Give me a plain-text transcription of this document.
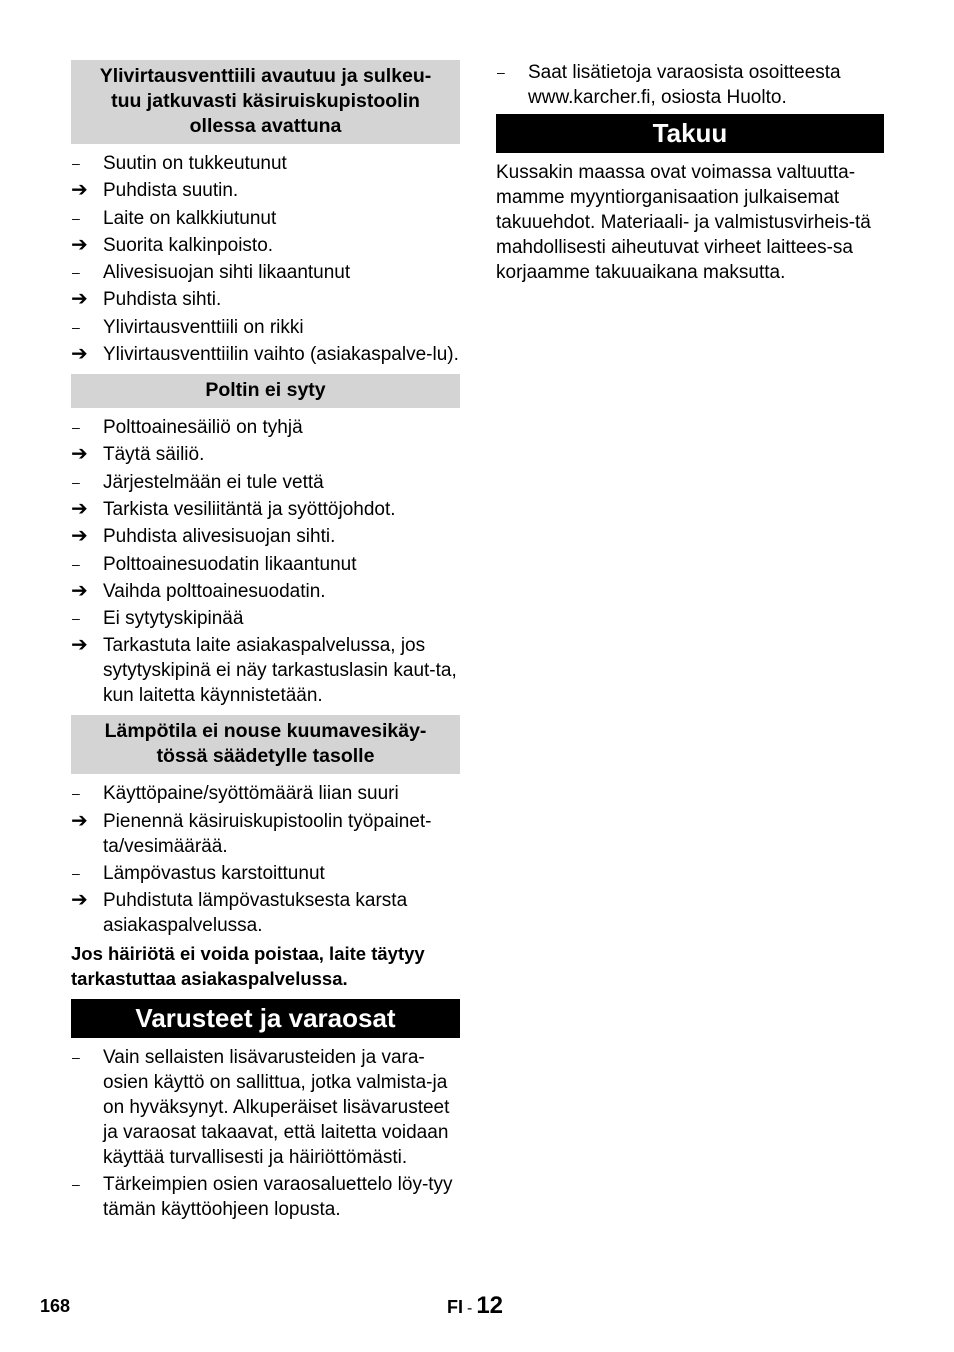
Ylivirtausventtiili avautuu ja sulkeu-
tuu jatkuvasti käsiruiskupistoolin
ollessa avattuna
–	Suutin on tukkeutunut
➔ Puhdista suutin.
–	Laite on kalkkiutunut
➔ Suorita kalkinpoisto.
–	Alivesisuojan sihti likaantunut
➔ Puhdista sihti.
–	Ylivirtausventtiili on rikki
➔ Ylivirtausventtiilin vaihto (asiakaspalve-lu).
Poltin ei syty
–	Polttoainesäiliö on tyhjä
➔ Täytä säiliö.
–	Järjestelmään ei tule vettä
➔ Tarkista vesiliitäntä ja syöttöjohdot.
➔ Puhdista alivesisuojan sihti.
–	Polttoainesuodatin likaantunut
➔ Vaihda polttoainesuodatin.
–	Ei sytytyskipinää
➔ Tarkastuta laite asiakaspalvelussa, jos sytytyskipinä ei näy tarkastuslasin kaut-ta, kun laitetta käynnistetään.
Lämpötila ei nouse kuumavesikäy-
tössä säädetylle tasolle
–	Käyttöpaine/syöttömäärä liian suuri
➔ Pienennä käsiruiskupistoolin työpainet-ta/vesimäärää.
–	Lämpövastus karstoittunut
➔ Puhdistuta lämpövastuksesta karsta asiakaspalvelussa.

Jos häiriötä ei voida poistaa, laite täytyy tarkastuttaa asiakaspalvelussa.

Varusteet ja varaosat
–	Vain sellaisten lisävarusteiden ja vara-osien käyttö on sallittua, jotka valmista-ja on hyväksynyt. Alkuperäiset lisävarusteet ja varaosat takaavat, että laitetta voidaan käyttää turvallisesti ja häiriöttömästi.
–	Tärkeimpien osien varaosaluettelo löy-tyy tämän käyttöohjeen lopusta.
–	Saat lisätietoja varaosista osoitteesta www.karcher.fi, osiosta Huolto.
Takuu

Kussakin maassa ovat voimassa valtuutta-mamme myyntiorganisaation julkaisemat takuuehdot. Materiaali- ja valmistusvirheis-tä mahdollisesti aiheutuvat virheet laittees-sa korjaamme takuuaikana maksutta.

168	FI - 12
